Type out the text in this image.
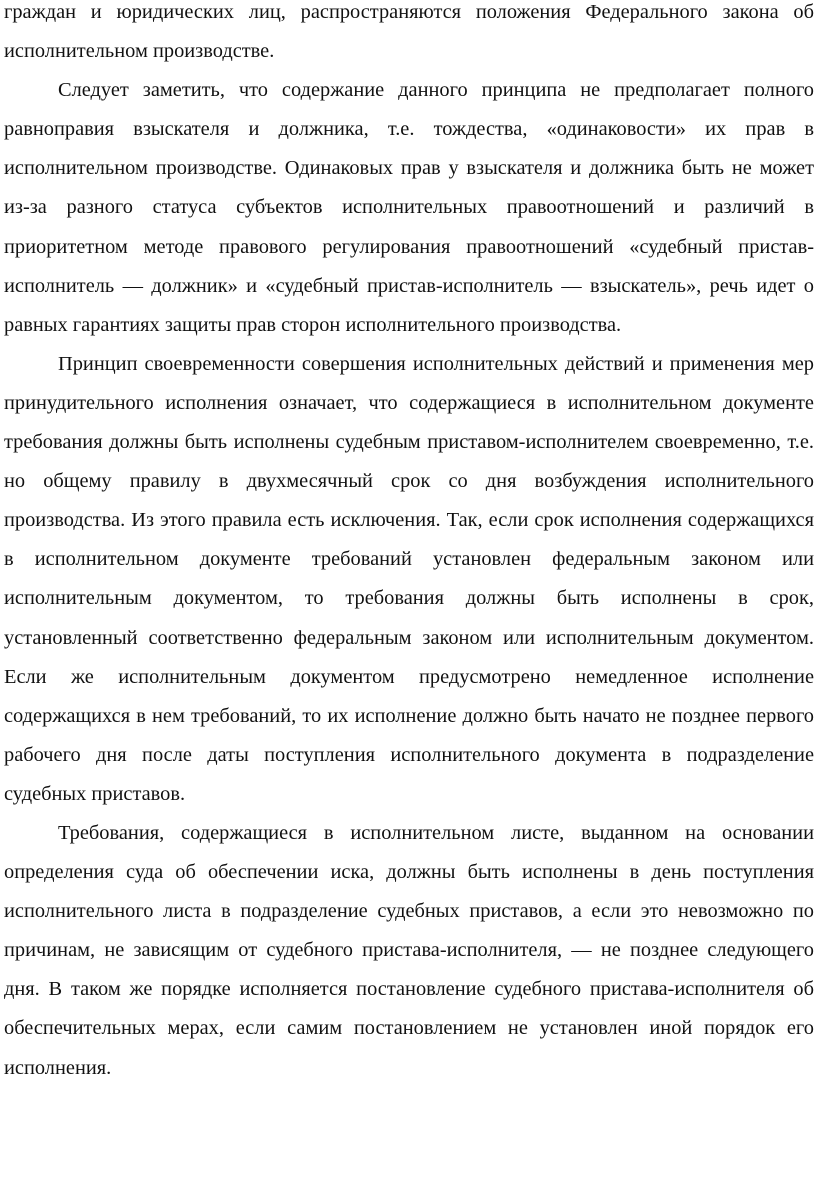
граждан и юридических лиц, распространяются положения Федерального закона об исполнительном производстве.

Следует заметить, что содержание данного принципа не предполагает полного равноправия взыскателя и должника, т.е. тождества, «одинаковости» их прав в исполнительном производстве. Одинаковых прав у взыскателя и должника быть не может из-за разного статуса субъектов исполнительных правоотношений и различий в приоритетном методе правового регулирования правоотношений «судебный пристав-исполнитель — должник» и «судебный пристав-исполнитель — взыскатель», речь идет о равных гарантиях защиты прав сторон исполнительного производства.

Принцип своевременности совершения исполнительных действий и применения мер принудительного исполнения означает, что содержащиеся в исполнительном документе требования должны быть исполнены судебным приставом-исполнителем своевременно, т.е. но общему правилу в двухмесячный срок со дня возбуждения исполнительного производства. Из этого правила есть исключения. Так, если срок исполнения содержащихся в исполнительном документе требований установлен федеральным законом или исполнительным документом, то требования должны быть исполнены в срок, установленный соответственно федеральным законом или исполнительным документом. Если же исполнительным документом предусмотрено немедленное исполнение содержащихся в нем требований, то их исполнение должно быть начато не позднее первого рабочего дня после даты поступления исполнительного документа в подразделение судебных приставов.

Требования, содержащиеся в исполнительном листе, выданном на основании определения суда об обеспечении иска, должны быть исполнены в день поступления исполнительного листа в подразделение судебных приставов, а если это невозможно по причинам, не зависящим от судебного пристава-исполнителя, — не позднее следующего дня. В таком же порядке исполняется постановление судебного пристава-исполнителя об обеспечительных мерах, если самим постановлением не установлен иной порядок его исполнения.
